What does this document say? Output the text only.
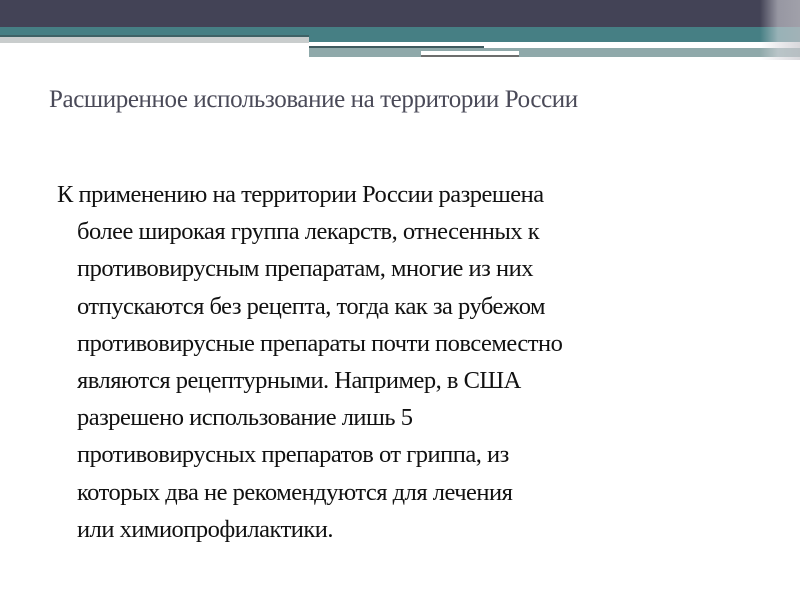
Расширенное использование на территории России
К применению на территории России разрешена
более широкая группа лекарств, отнесенных к
противовирусным препаратам, многие из них
отпускаются без рецепта, тогда как за рубежом
противовирусные препараты почти повсеместно
являются рецептурными. Например, в США
разрешено использование лишь 5
противовирусных препаратов от гриппа, из
которых два не рекомендуются для лечения
или химиопрофилактики.
